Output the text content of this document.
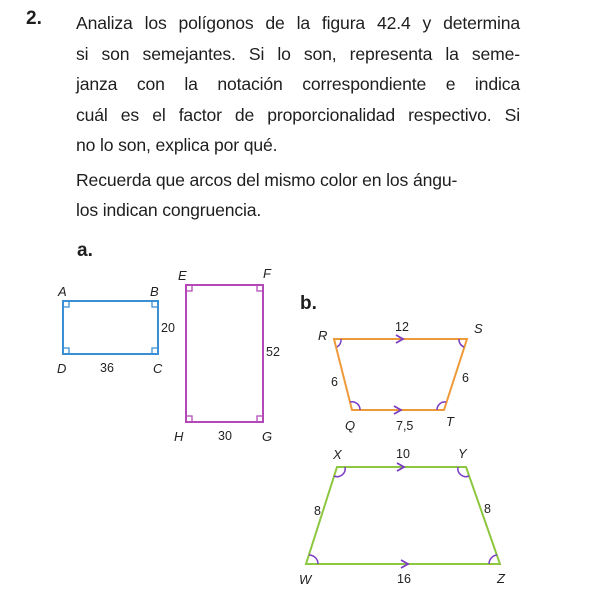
2. Analiza los polígonos de la figura 42.4 y determina
si son semejantes. Si lo son, representa la seme-
janza con la notación correspondiente e indica
cuál es el factor de proporcionalidad respectivo. Si
no lo son, explica por qué.

Recuerda que arcos del mismo color en los ángu-
los indican congruencia.

a.
b.
A	B
C
D
20
36
E	F
G
H
52
30
R	S
T
Q
12
6	6
7,5
X	Y
Z
W
10
8	8
16
